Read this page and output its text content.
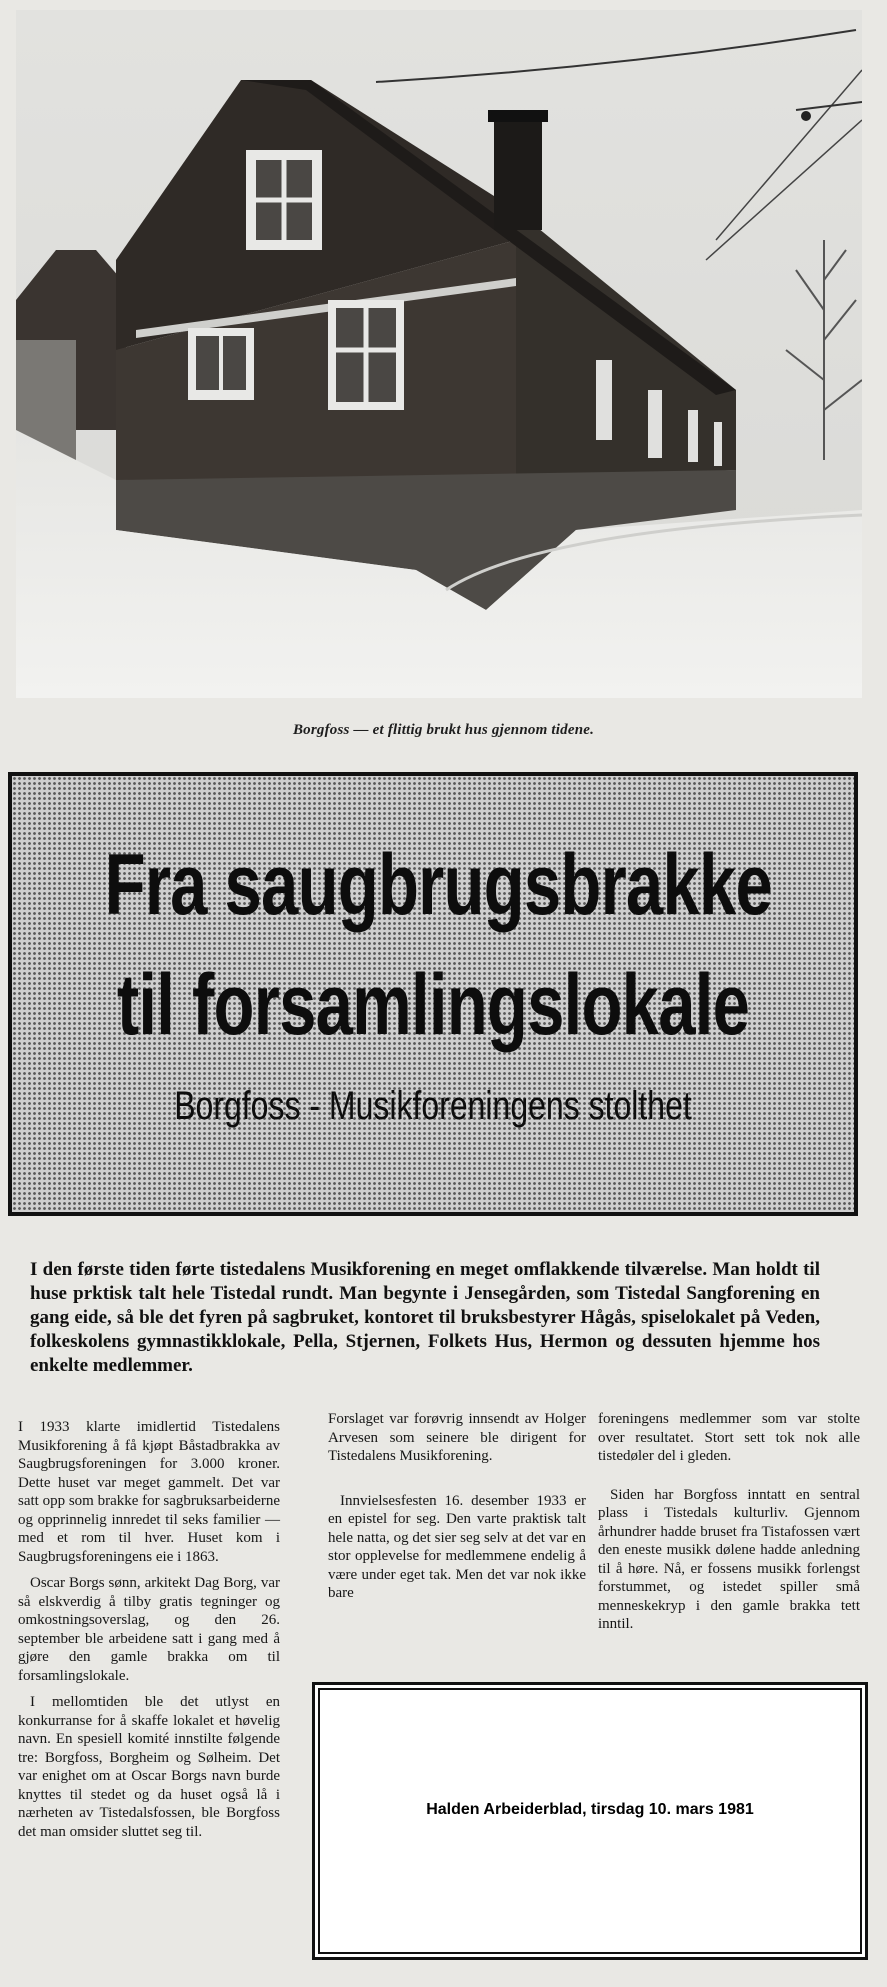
Borgfoss — et flittig brukt hus gjennom tidene.
Fra saugbrugsbrakke
til forsamlingslokale
Borgfoss - Musikforeningens stolthet
I den første tiden førte tistedalens Musikforening en meget omflakkende tilværelse. Man holdt til huse prktisk talt hele Tistedal rundt. Man begynte i Jensegården, som Tistedal Sangforening en gang eide, så ble det fyren på sagbruket, kontoret til bruksbestyrer Hågås, spiselokalet på Veden, folkeskolens gymnastikklokale, Pella, Stjernen, Folkets Hus, Hermon og dessuten hjemme hos enkelte medlemmer.

I 1933 klarte imidlertid Tistedalens Musikforening å få kjøpt Båstadbrakka av Saugbrugsforeningen for 3.000 kroner. Dette huset var meget gammelt. Det var satt opp som brakke for sagbruksarbeiderne og opprinnelig innredet til seks familier — med et rom til hver. Huset kom i Saugbrugsforeningens eie i 1863.

Oscar Borgs sønn, arkitekt Dag Borg, var så elskverdig å tilby gratis tegninger og omkostningsoverslag, og den 26. september ble arbeidene satt i gang med å gjøre den gamle brakka om til forsamlingslokale.

I mellomtiden ble det utlyst en konkurranse for å skaffe lokalet et høvelig navn. En spesiell komité innstilte følgende tre: Borgfoss, Borgheim og Sølheim. Det var enighet om at Oscar Borgs navn burde knyttes til stedet og da huset også lå i nærheten av Tistedalsfossen, ble Borgfoss det man omsider sluttet seg til.

Forslaget var forøvrig innsendt av Holger Arvesen som seinere ble dirigent for Tistedalens Musikforening.

Innvielsesfesten 16. desember 1933 er en epistel for seg. Den varte praktisk talt hele natta, og det sier seg selv at det var en stor opplevelse for medlemmene endelig å være under eget tak. Men det var nok ikke bare

foreningens medlemmer som var stolte over resultatet. Stort sett tok nok alle tistedøler del i gleden.

Siden har Borgfoss inntatt en sentral plass i Tistedals kulturliv. Gjennom århundrer hadde bruset fra Tistafossen vært den eneste musikk dølene hadde anledning til å høre. Nå, er fossens musikk forlengst forstummet, og istedet spiller små menneskekryp i den gamle brakka tett inntil.

Halden Arbeiderblad, tirsdag 10. mars 1981
